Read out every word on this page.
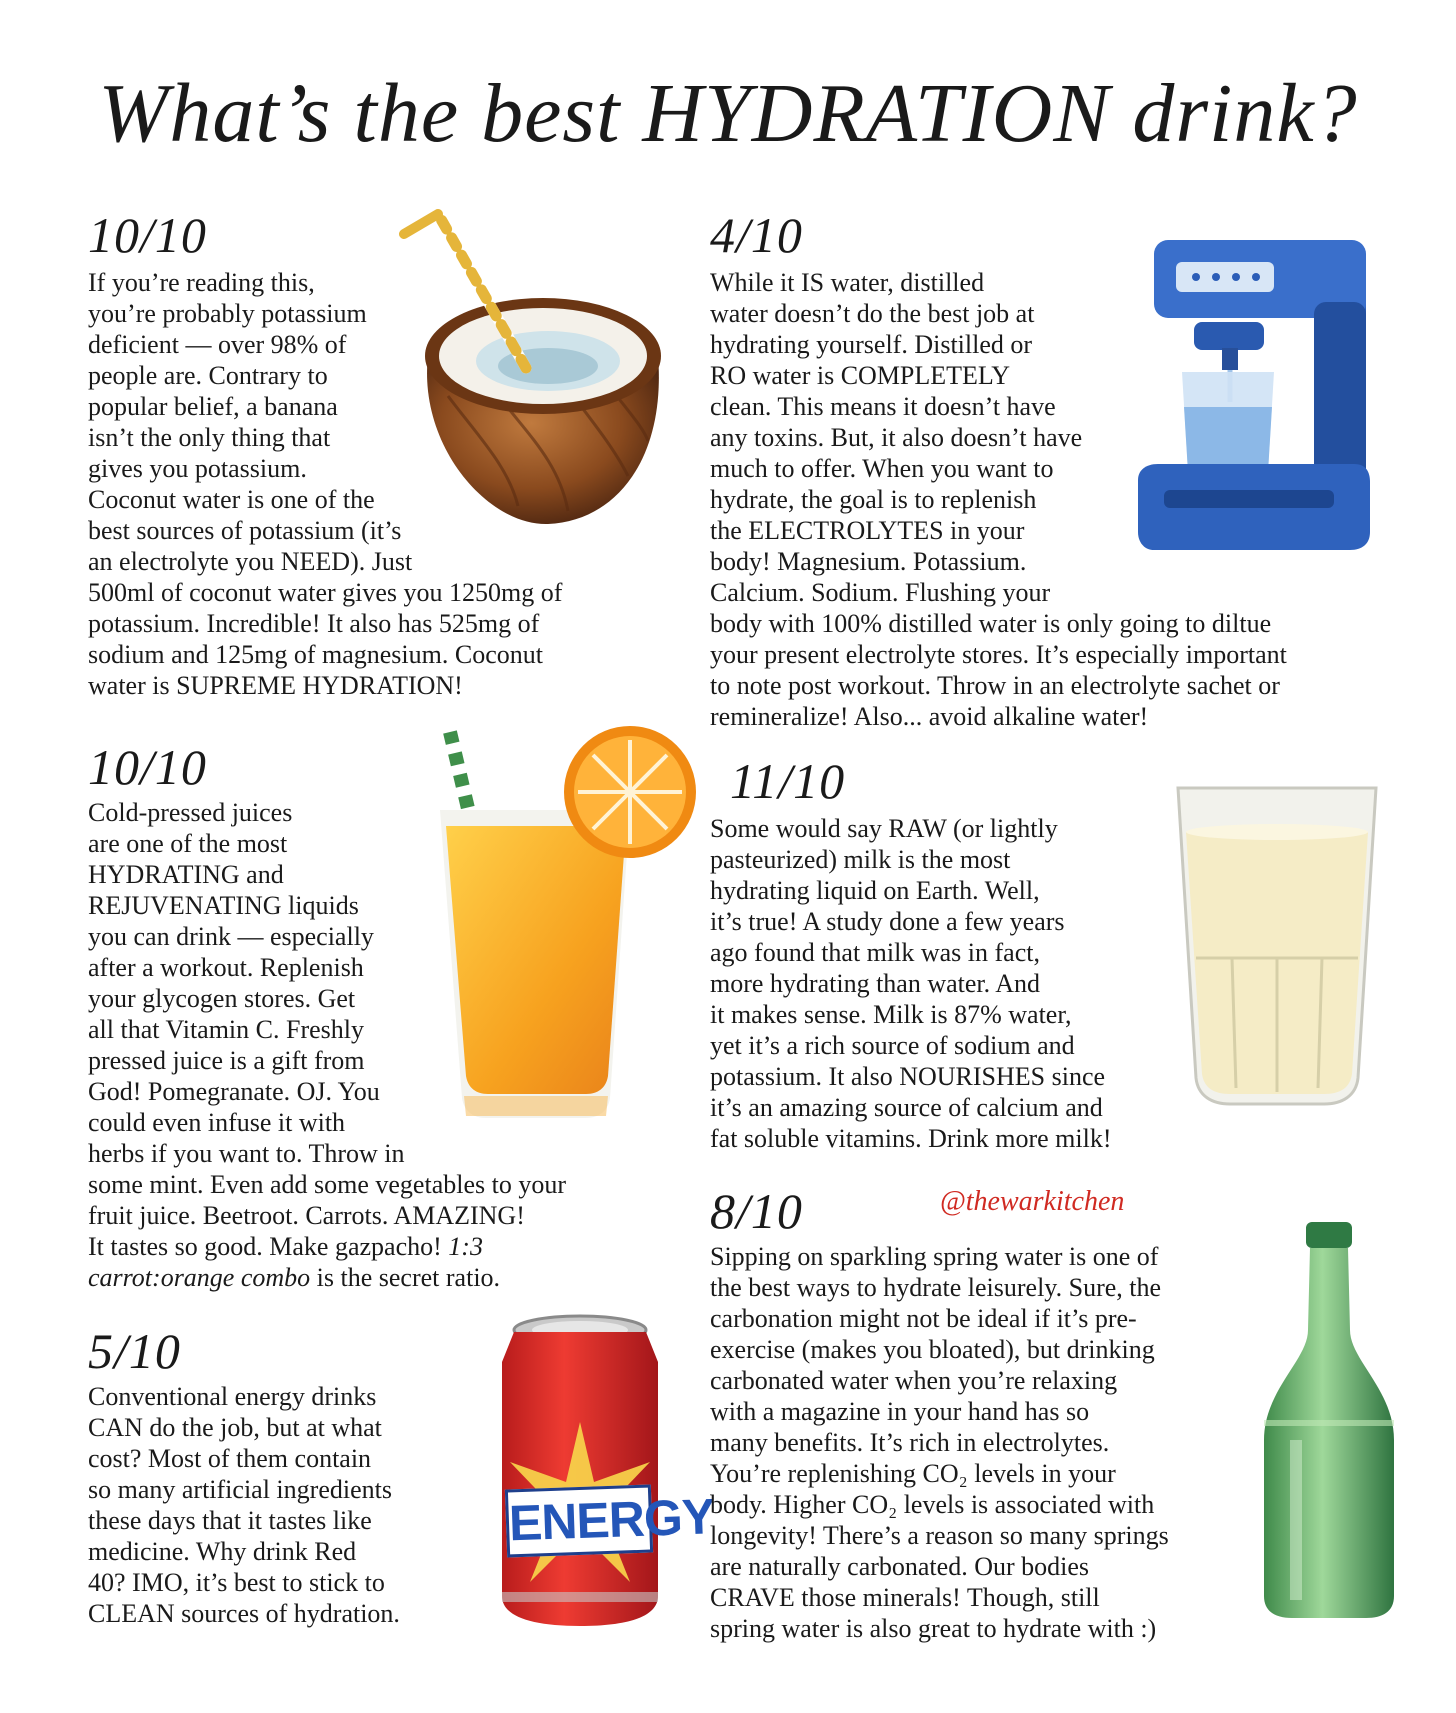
What’s the best HYDRATION drink?
10/10
If you’re reading this,
you’re probably potassium
deficient — over 98% of
people are. Contrary to
popular belief, a banana
isn’t the only thing that
gives you potassium.
Coconut water is one of the
best sources of potassium (it’s
an electrolyte you NEED). Just
500ml of coconut water gives you 1250mg of
potassium. Incredible! It also has 525mg of
sodium and 125mg of magnesium. Coconut
water is SUPREME HYDRATION!
4/10
While it IS water, distilled
water doesn’t do the best job at
hydrating yourself. Distilled or
RO water is COMPLETELY
clean. This means it doesn’t have
any toxins. But, it also doesn’t have
much to offer. When you want to
hydrate, the goal is to replenish
the ELECTROLYTES in your
body! Magnesium. Potassium.
Calcium. Sodium. Flushing your
body with 100% distilled water is only going to diltue
your present electrolyte stores. It’s especially important
to note post workout. Throw in an electrolyte sachet or
remineralize! Also... avoid alkaline water!
10/10
Cold-pressed juices
are one of the most
HYDRATING and
REJUVENATING liquids
you can drink — especially
after a workout. Replenish
your glycogen stores. Get
all that Vitamin C. Freshly
pressed juice is a gift from
God! Pomegranate. OJ. You
could even infuse it with
herbs if you want to. Throw in
some mint. Even add some vegetables to your
fruit juice. Beetroot. Carrots. AMAZING!
It tastes so good. Make gazpacho! 1:3
carrot:orange combo is the secret ratio.
11/10
Some would say RAW (or lightly
pasteurized) milk is the most
hydrating liquid on Earth. Well,
it’s true! A study done a few years
ago found that milk was in fact,
more hydrating than water. And
it makes sense. Milk is 87% water,
yet it’s a rich source of sodium and
potassium. It also NOURISHES since
it’s an amazing source of calcium and
fat soluble vitamins. Drink more milk!
5/10
Conventional energy drinks
CAN do the job, but at what
cost? Most of them contain
so many artificial ingredients
these days that it tastes like
medicine. Why drink Red
40? IMO, it’s best to stick to
CLEAN sources of hydration.
ENERGY
@thewarkitchen
8/10
Sipping on sparkling spring water is one of
the best ways to hydrate leisurely. Sure, the
carbonation might not be ideal if it’s pre-
exercise (makes you bloated), but drinking
carbonated water when you’re relaxing
with a magazine in your hand has so
many benefits. It’s rich in electrolytes.
You’re replenishing CO₂ levels in your
body. Higher CO₂ levels is associated with
longevity! There’s a reason so many springs
are naturally carbonated. Our bodies
CRAVE those minerals! Though, still
spring water is also great to hydrate with :)
